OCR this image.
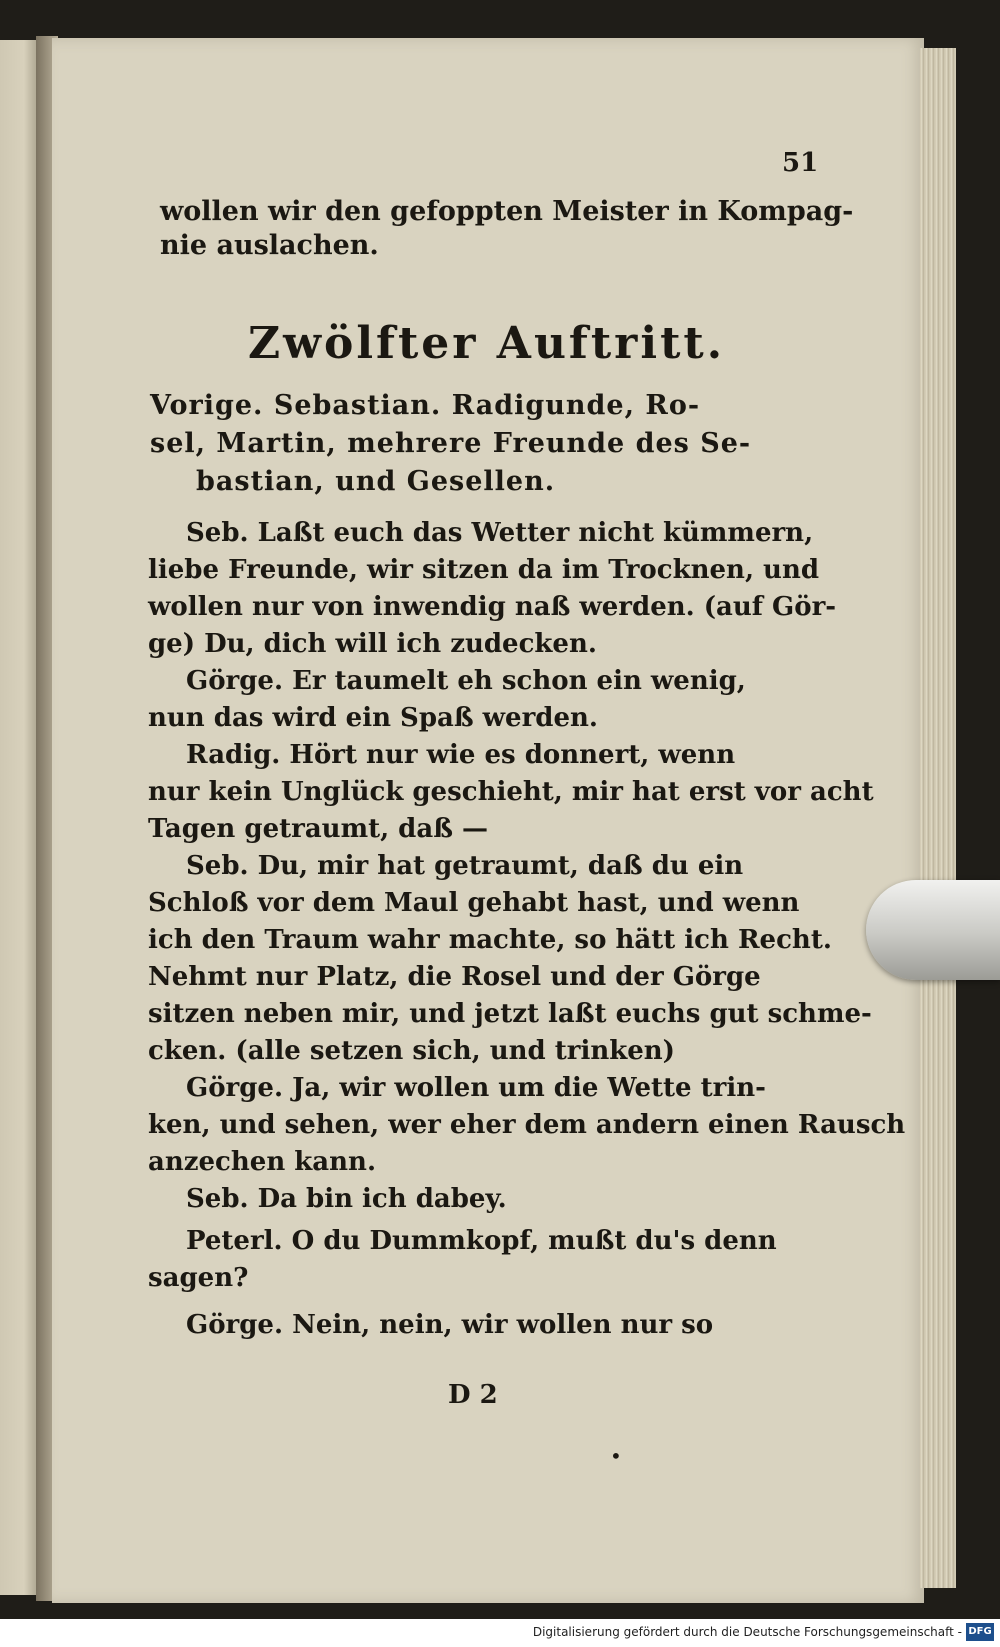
51
wollen wir den gefoppten Meister in Kompag-
nie auslachen.
Zwölfter Auftritt.
Vorige. Sebastian. Radigunde, Ro-
sel, Martin, mehrere Freunde des Se-
bastian, und Gesellen.
Seb. Laßt euch das Wetter nicht kümmern,
liebe Freunde, wir sitzen da im Trocknen, und
wollen nur von inwendig naß werden. (auf Gör-
ge) Du, dich will ich zudecken.
Görge. Er taumelt eh schon ein wenig,
nun das wird ein Spaß werden.
Radig. Hört nur wie es donnert, wenn
nur kein Unglück geschieht, mir hat erst vor acht
Tagen getraumt, daß —
Seb. Du, mir hat getraumt, daß du ein
Schloß vor dem Maul gehabt hast, und wenn
ich den Traum wahr machte, so hätt ich Recht.
Nehmt nur Platz, die Rosel und der Görge
sitzen neben mir, und jetzt laßt euchs gut schme-
cken. (alle setzen sich, und trinken)
Görge. Ja, wir wollen um die Wette trin-
ken, und sehen, wer eher dem andern einen Rausch
anzechen kann.
Seb. Da bin ich dabey.
Peterl. O du Dummkopf, mußt du's denn
sagen?
Görge. Nein, nein, wir wollen nur so
D 2
•
Digitalisierung gefördert durch die Deutsche Forschungsgemeinschaft - DFG
